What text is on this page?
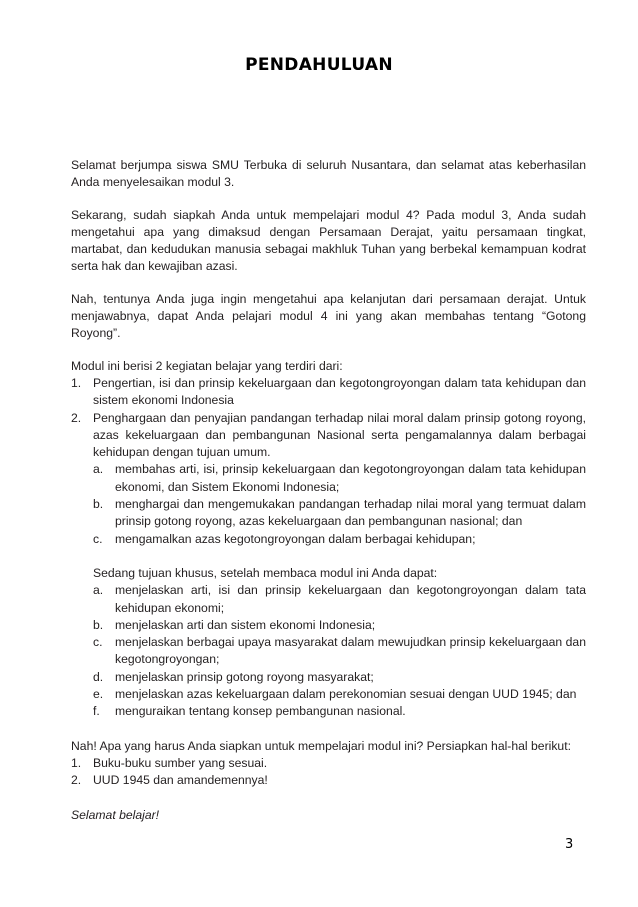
PENDAHULUAN

Selamat berjumpa siswa SMU Terbuka di seluruh Nusantara, dan selamat atas keberhasilan Anda menyelesaikan modul 3.

Sekarang, sudah siapkah Anda untuk mempelajari modul 4? Pada modul 3, Anda sudah mengetahui apa yang dimaksud dengan Persamaan Derajat, yaitu persamaan tingkat, martabat, dan kedudukan manusia sebagai makhluk Tuhan yang berbekal kemampuan kodrat serta hak dan kewajiban azasi.

Nah, tentunya Anda juga ingin mengetahui apa kelanjutan dari persamaan derajat. Untuk menjawabnya, dapat Anda pelajari modul 4 ini yang akan membahas tentang “Gotong Royong”.

Modul ini berisi 2 kegiatan belajar yang terdiri dari:
1. Pengertian, isi dan prinsip kekeluargaan dan kegotongroyongan dalam tata kehidupan dan sistem ekonomi Indonesia
2. Penghargaan dan penyajian pandangan terhadap nilai moral dalam prinsip gotong royong, azas kekeluargaan dan pembangunan Nasional serta pengamalannya dalam berbagai kehidupan dengan tujuan umum.
a. membahas arti, isi, prinsip kekeluargaan dan kegotongroyongan dalam tata kehidupan ekonomi, dan Sistem Ekonomi Indonesia;
b. menghargai dan mengemukakan pandangan terhadap nilai moral yang termuat dalam prinsip gotong royong, azas kekeluargaan dan pembangunan nasional; dan
c.	mengamalkan azas kegotongroyongan dalam berbagai kehidupan;
Sedang tujuan khusus, setelah membaca modul ini Anda dapat:
a. menjelaskan arti, isi dan prinsip kekeluargaan dan kegotongroyongan dalam tata kehidupan ekonomi;
b. menjelaskan arti dan sistem ekonomi Indonesia;
c.	menjelaskan berbagai upaya masyarakat dalam mewujudkan prinsip kekeluargaan dan kegotongroyongan;
d. menjelaskan prinsip gotong royong masyarakat;
e. menjelaskan azas kekeluargaan dalam perekonomian sesuai dengan UUD 1945; dan
f.	menguraikan tentang konsep pembangunan nasional.
Nah! Apa yang harus Anda siapkan untuk mempelajari modul ini? Persiapkan hal-hal berikut:
1. Buku-buku sumber yang sesuai.
2. UUD 1945 dan amandemennya!
Selamat belajar!
3
